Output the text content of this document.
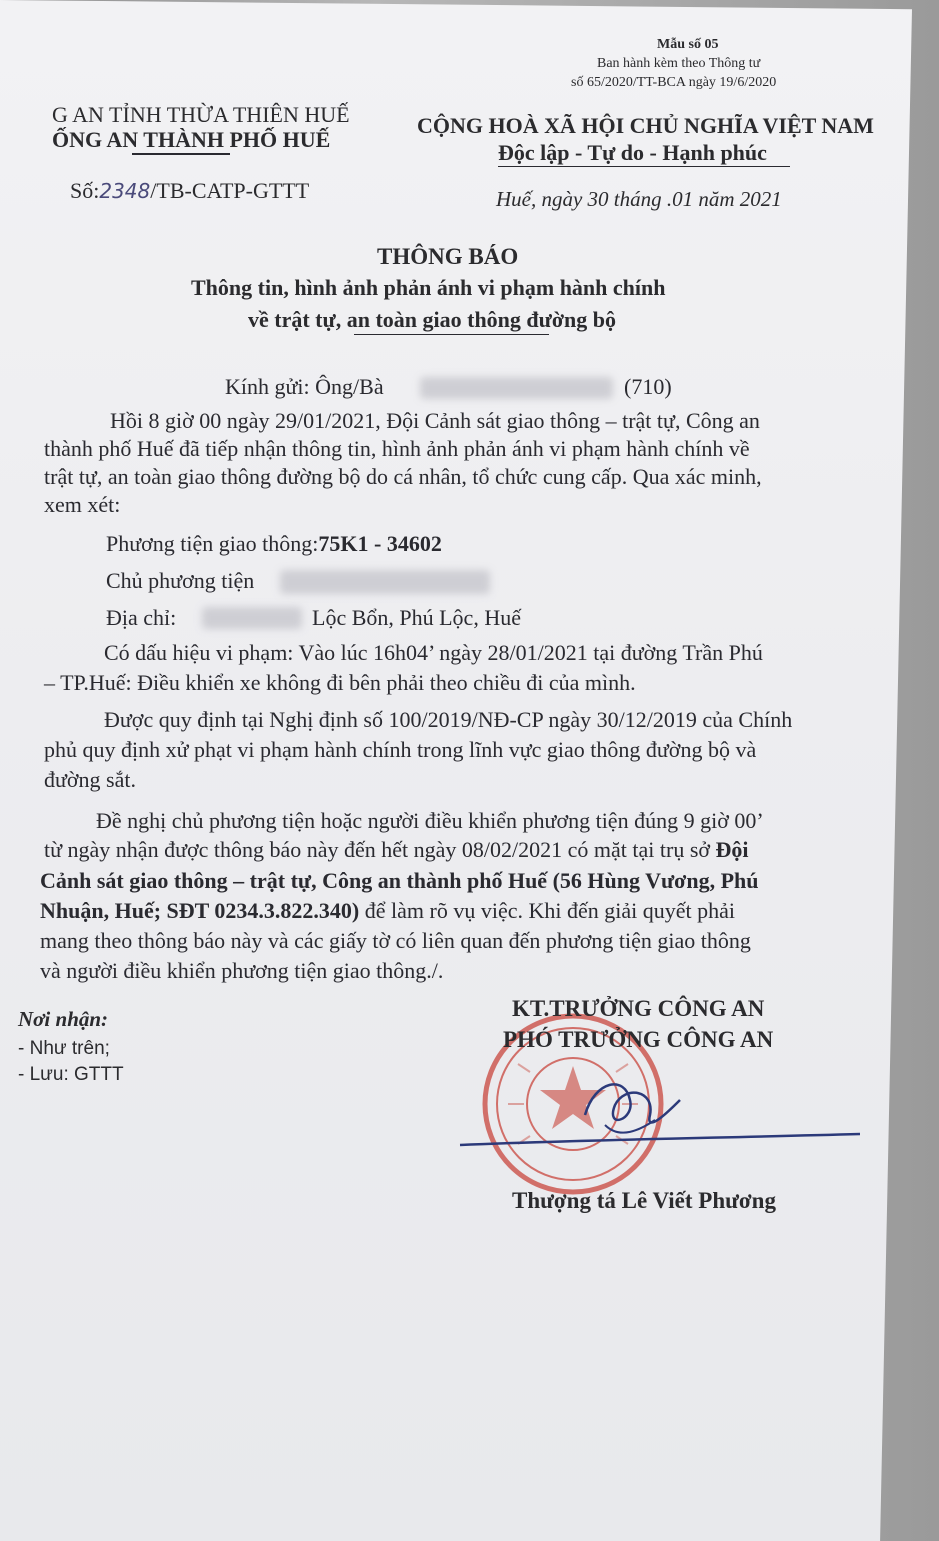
Mẫu số 05
Ban hành kèm theo Thông tư
số 65/2020/TT-BCA ngày 19/6/2020
G AN TỈNH THỪA THIÊN HUẾ
ỐNG AN THÀNH PHỐ HUẾ
Số:2348/TB-CATP-GTTT
CỘNG HOÀ XÃ HỘI CHỦ NGHĨA VIỆT NAM
Độc lập - Tự do - Hạnh phúc
Huế, ngày 30 tháng .01 năm 2021
THÔNG BÁO
Thông tin, hình ảnh phản ánh vi phạm hành chính
về trật tự, an toàn giao thông đường bộ
Kính gửi: Ông/Bà	(710)
Hồi 8 giờ 00 ngày 29/01/2021, Đội Cảnh sát giao thông – trật tự, Công an
thành phố Huế đã tiếp nhận thông tin, hình ảnh phản ánh vi phạm hành chính về
trật tự, an toàn giao thông đường bộ do cá nhân, tổ chức cung cấp. Qua xác minh,
xem xét:
Phương tiện giao thông:75K1 - 34602
Chủ phương tiện
Địa chỉ:	Lộc Bổn, Phú Lộc, Huế
Có dấu hiệu vi phạm: Vào lúc 16h04’ ngày 28/01/2021 tại đường Trần Phú
– TP.Huế: Điều khiển xe không đi bên phải theo chiều đi của mình.
Được quy định tại Nghị định số 100/2019/NĐ-CP ngày 30/12/2019 của Chính
phủ quy định xử phạt vi phạm hành chính trong lĩnh vực giao thông đường bộ và
đường sắt.
Đề nghị chủ phương tiện hoặc người điều khiển phương tiện đúng 9 giờ 00’
từ ngày nhận được thông báo này đến hết ngày 08/02/2021 có mặt tại trụ sở Đội
Cảnh sát giao thông – trật tự, Công an thành phố Huế (56 Hùng Vương, Phú
Nhuận, Huế; SĐT 0234.3.822.340) để làm rõ vụ việc. Khi đến giải quyết phải
mang theo thông báo này và các giấy tờ có liên quan đến phương tiện giao thông
và người điều khiển phương tiện giao thông./.
Nơi nhận:
- Như trên;
- Lưu: GTTT
KT.TRƯỞNG CÔNG AN
PHÓ TRƯỞNG CÔNG AN
Thượng tá Lê Viết Phương
